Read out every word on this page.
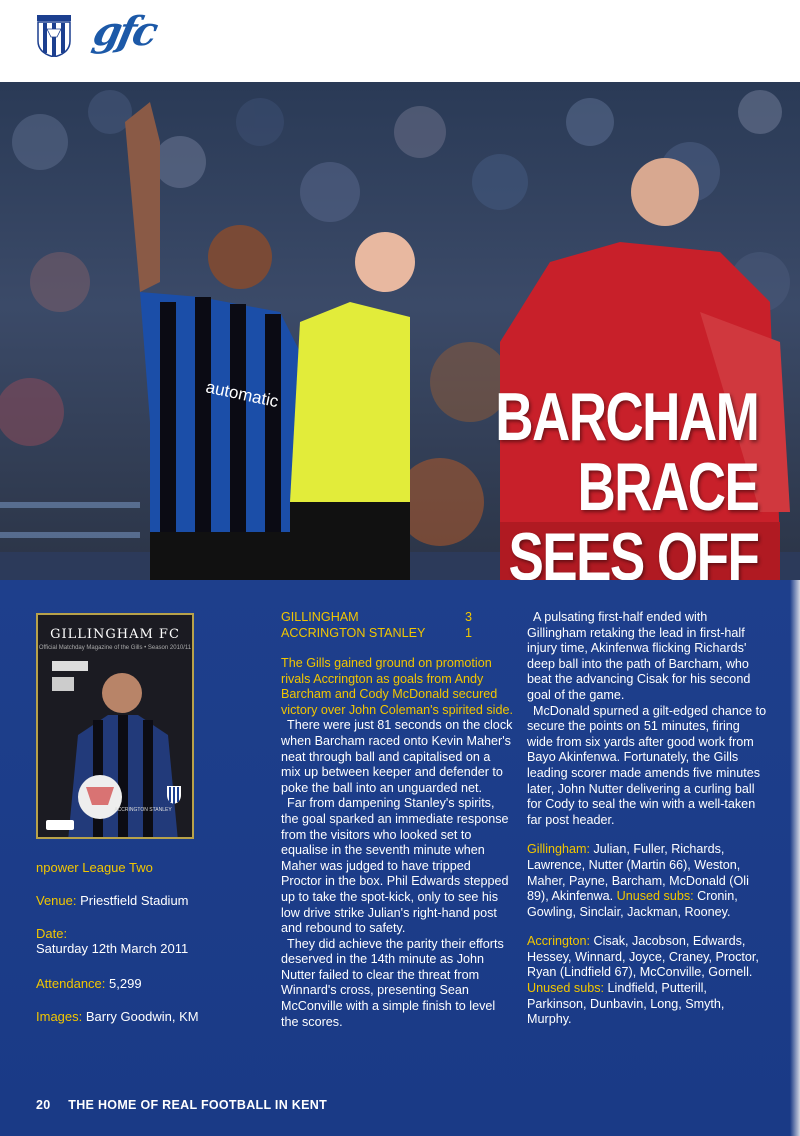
gfc
automatic	BARCHAM
BRACE
SEES OFF
GILLINGHAM FC
Official Matchday Magazine of the Gills • Season 2010/11
ACCRINGTON STANLEY
npower League Two
Venue: Priestfield Stadium
Date:
Saturday 12th March 2011
Attendance: 5,299
Images: Barry Goodwin, KM
GILLINGHAM	3
ACCRINGTON STANLEY	1

The Gills gained ground on promotion rivals Accrington as goals from Andy Barcham and Cody McDonald secured victory over John Coleman's spirited side.

There were just 81 seconds on the clock when Barcham raced onto Kevin Maher's neat through ball and capitalised on a mix up between keeper and defender to poke the ball into an unguarded net.

Far from dampening Stanley's spirits, the goal sparked an immediate response from the visitors who looked set to equalise in the seventh minute when Maher was judged to have tripped Proctor in the box. Phil Edwards stepped up to take the spot-kick, only to see his low drive strike Julian's right-hand post and rebound to safety.

They did achieve the parity their efforts deserved in the 14th minute as John Nutter failed to clear the threat from Winnard's cross, presenting Sean McConville with a simple finish to level the scores.

A pulsating first-half ended with Gillingham retaking the lead in first-half injury time, Akinfenwa flicking Richards' deep ball into the path of Barcham, who beat the advancing Cisak for his second goal of the game.

McDonald spurned a gilt-edged chance to secure the points on 51 minutes, firing wide from six yards after good work from Bayo Akinfenwa. Fortunately, the Gills leading scorer made amends five minutes later, John Nutter delivering a curling ball for Cody to seal the win with a well-taken far post header.

Gillingham: Julian, Fuller, Richards, Lawrence, Nutter (Martin 66), Weston, Maher, Payne, Barcham, McDonald (Oli 89), Akinfenwa. Unused subs: Cronin, Gowling, Sinclair, Jackman, Rooney.

Accrington: Cisak, Jacobson, Edwards, Hessey, Winnard, Joyce, Craney, Proctor, Ryan (Lindfield 67), McConville, Gornell. Unused subs: Lindfield, Putterill, Parkinson, Dunbavin, Long, Smyth, Murphy.

20 THE HOME OF REAL FOOTBALL IN KENT
